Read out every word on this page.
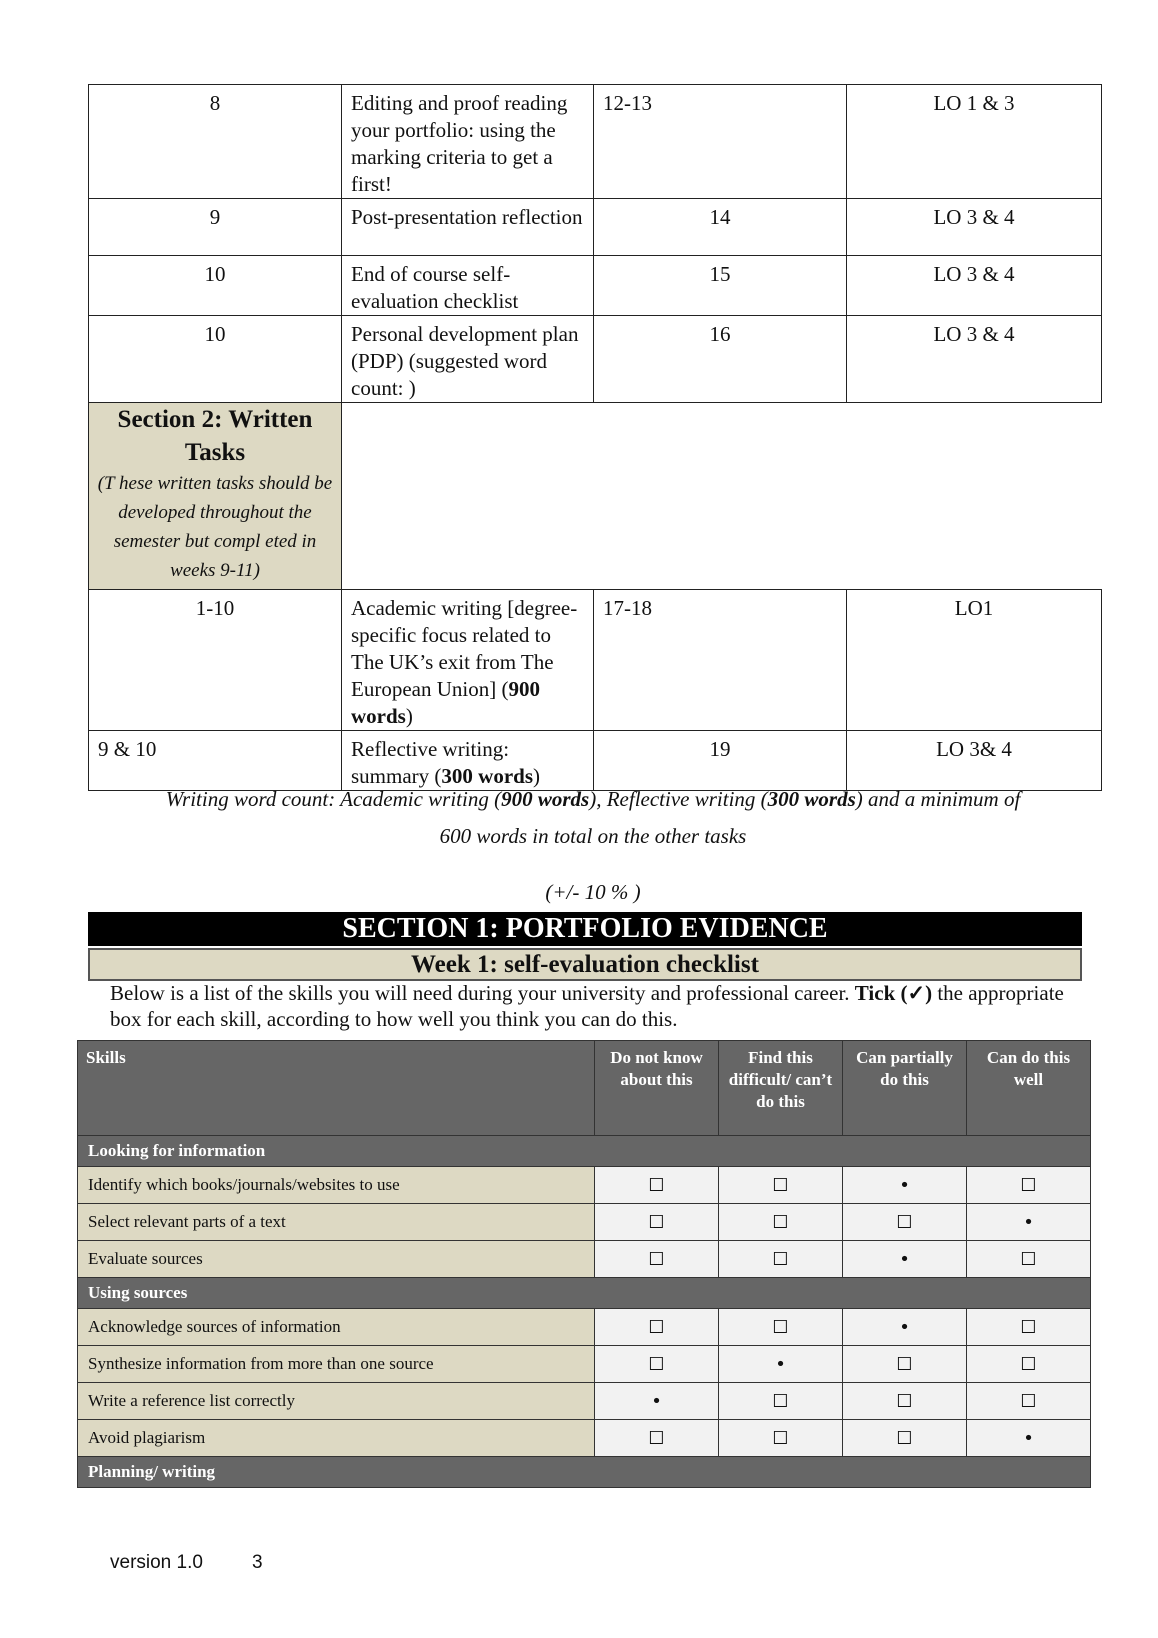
8	Editing and proof reading your portfolio: using the marking criteria to get a first!	12-13	LO 1 & 3
9	Post-presentation reflection	14	LO 3 & 4
10	End of course self-evaluation checklist	15	LO 3 & 4
10	Personal development plan (PDP) (suggested word count: )	16	LO 3 & 4

Section 2: Written Tasks
(T hese written tasks should be developed throughout the semester but compl eted in weeks 9-11)			

1-10	Academic writing [degree-specific focus related to The UK’s exit from The European Union] (900 words)	17-18	LO1
9 & 10	Reflective writing: summary (300 words)	19	LO 3& 4
Writing word count: Academic writing (900 words), Reflective writing (300 words) and a minimum of
600 words in total on the other tasks
(+/- 10 % )
SECTION 1: PORTFOLIO EVIDENCE
Week 1: self-evaluation checklist
Below is a list of the skills you will need during your university and professional career. Tick (✓) the appropriate box for each skill, according to how well you think you can do this.
Skills	Do not know about this	Find this difficult/ can’t do this	Can partially do this	Can do this well
Looking for information				
Identify which books/journals/websites to use	☐	☐	•	☐
Select relevant parts of a text	☐	☐	☐	•
Evaluate sources	☐	☐	•	☐
Using sources				
Acknowledge sources of information	☐	☐	•	☐
Synthesize information from more than one source	☐	•	☐	☐
Write a reference list correctly	•	☐	☐	☐
Avoid plagiarism	☐	☐	☐	•
Planning/ writing				
version 1.0	3
